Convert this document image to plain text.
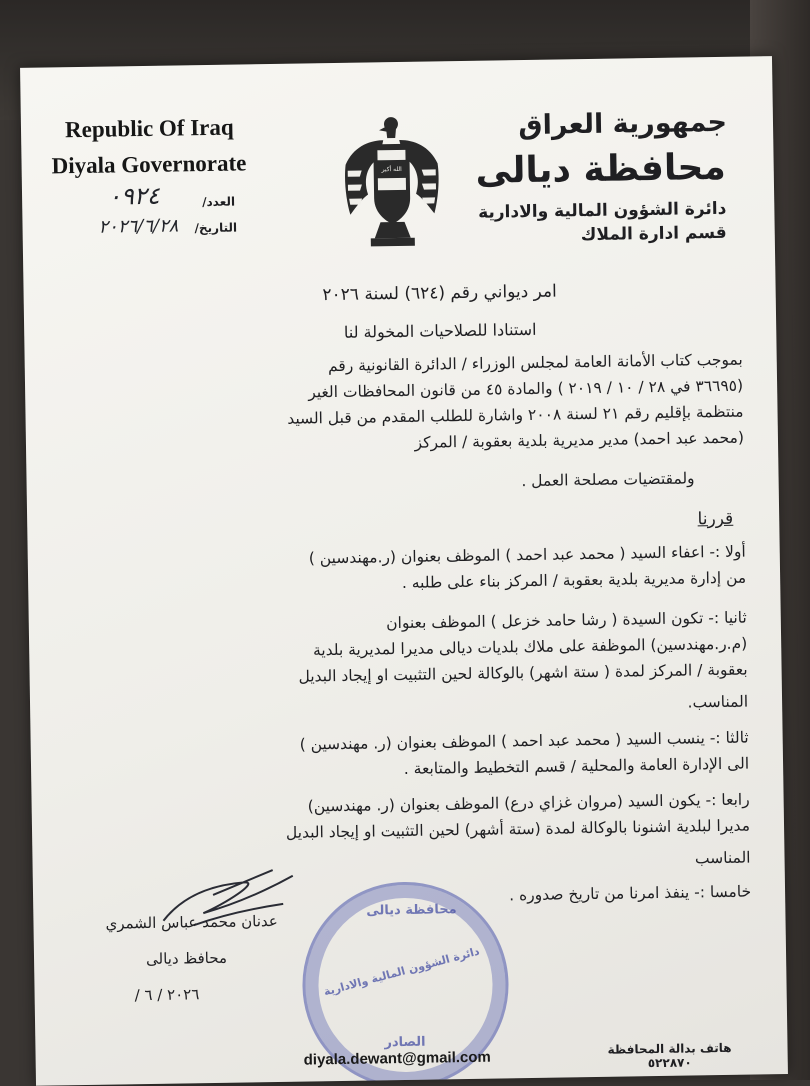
Republic Of Iraq
Diyala Governorate
العدد/
٠٩٢٤
التاريخ/
٢٠٢٦/٦/٢٨
الله أكبر
جمهورية العراق
محافظة ديالى
دائرة الشؤون المالية والادارية
قسم ادارة الملاك
امر ديواني رقم (٦٢٤) لسنة ٢٠٢٦
استنادا للصلاحيات المخولة لنا
بموجب كتاب الأمانة العامة لمجلس الوزراء / الدائرة القانونية رقم
(٣٦٦٩٥ في ٢٨ / ١٠ / ٢٠١٩ ) والمادة ٤٥ من قانون المحافظات الغير
منتظمة بإقليم رقم ٢١ لسنة ٢٠٠٨ واشارة للطلب المقدم من قبل السيد
(محمد عبد احمد) مدير مديرية بلدية بعقوبة / المركز
ولمقتضيات مصلحة العمل .
قررنا
أولا :- اعفاء السيد ( محمد عبد احمد ) الموظف بعنوان (ر.مهندسين )
من إدارة مديرية بلدية بعقوبة / المركز بناء على طلبه .
ثانيا :- تكون السيدة ( رشا حامد خزعل ) الموظف بعنوان
(م.ر.مهندسين) الموظفة على ملاك بلديات ديالى مديرا لمديرية بلدية
بعقوبة / المركز لمدة ( ستة اشهر) بالوكالة لحين التثبيت او إيجاد البديل
المناسب.
ثالثا :- ينسب السيد ( محمد عبد احمد ) الموظف بعنوان (ر. مهندسين )
الى الإدارة العامة والمحلية / قسم التخطيط والمتابعة .
رابعا :- يكون السيد (مروان غزاي درع) الموظف بعنوان (ر. مهندسين)
مديرا لبلدية اشنونا بالوكالة لمدة (ستة أشهر) لحين التثبيت او إيجاد البديل
المناسب
خامسا :- ينفذ امرنا من تاريخ صدوره .
محافظة ديالى
دائرة الشؤون المالية والادارية
الصادر
عدنان محمد عباس الشمري
محافظ ديالى
٢٠٢٦ / ٦ /
diyala.dewant@gmail.com	هاتف بدالة المحافظة
٥٢٢٨٧٠
